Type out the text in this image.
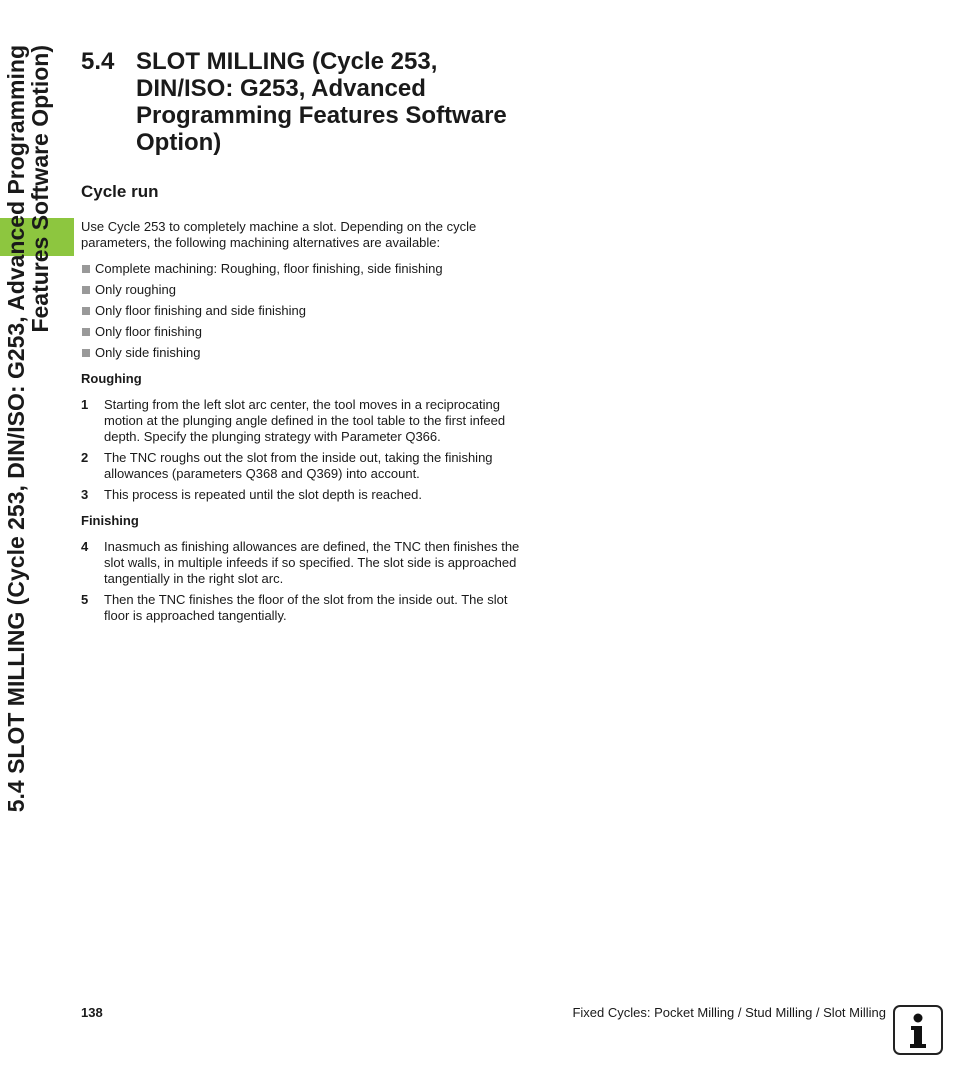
5.4 SLOT MILLING (Cycle 253, DIN/ISO: G253, Advanced Programming
Features Software Option) 5.4 SLOT MILLING (Cycle 253, DIN/ISO: G253, Advanced Programming Features Software Option)
Cycle run

Use Cycle 253 to completely machine a slot. Depending on the cycle parameters, the following machining alternatives are available:

Complete machining: Roughing, floor finishing, side finishing
Only roughing
Only floor finishing and side finishing
Only floor finishing
Only side finishing
Roughing
1 Starting from the left slot arc center, the tool moves in a reciprocating motion at the plunging angle defined in the tool table to the first infeed depth. Specify the plunging strategy with Parameter Q366.
2 The TNC roughs out the slot from the inside out, taking the finishing allowances (parameters Q368 and Q369) into account.
3 This process is repeated until the slot depth is reached.
Finishing
4 Inasmuch as finishing allowances are defined, the TNC then finishes the slot walls, in multiple infeeds if so specified. The slot side is approached tangentially in the right slot arc.
5 Then the TNC finishes the floor of the slot from the inside out. The slot floor is approached tangentially.
138	Fixed Cycles: Pocket Milling / Stud Milling / Slot Milling
